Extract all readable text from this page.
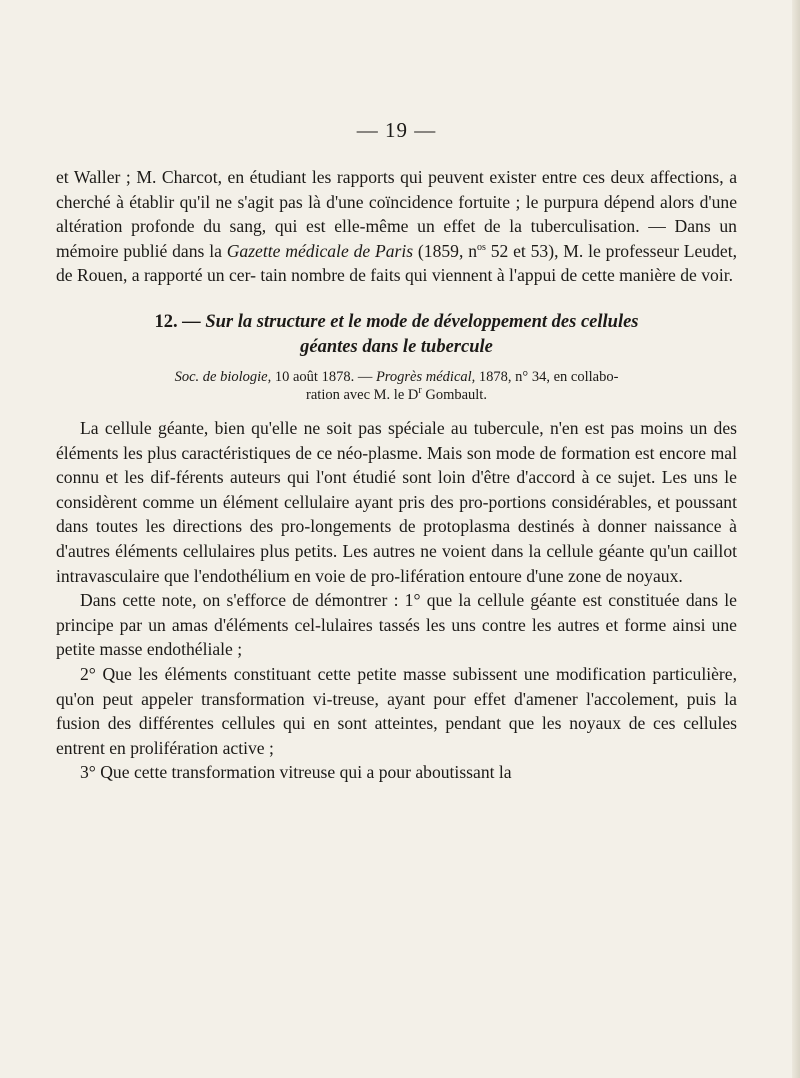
— 19 —

et Waller ; M. Charcot, en étudiant les rapports qui peuvent exister entre ces deux affections, a cherché à établir qu'il ne s'agit pas là d'une coïncidence fortuite ; le purpura dépend alors d'une altération profonde du sang, qui est elle-même un effet de la tuberculisation. — Dans un mémoire publié dans la Gazette médicale de Paris (1859, $n^{os}$ 52 et 53), M. le professeur Leudet, de Rouen, a rapporté un cer- tain nombre de faits qui viennent à l'appui de cette manière de voir.

12. — Sur la structure et le mode de développement des cellules
géantes dans le tubercule
Soc. de biologie, 10 août 1878. — Progrès médical, 1878, n° 34, en collabo-
ration avec M. le $D^r$ Gombault.

La cellule géante, bien qu'elle ne soit pas spéciale au tubercule, n'en est pas moins un des éléments les plus caractéristiques de ce néo-plasme. Mais son mode de formation est encore mal connu et les dif-férents auteurs qui l'ont étudié sont loin d'être d'accord à ce sujet. Les uns le considèrent comme un élément cellulaire ayant pris des pro-portions considérables, et poussant dans toutes les directions des pro-longements de protoplasma destinés à donner naissance à d'autres éléments cellulaires plus petits. Les autres ne voient dans la cellule géante qu'un caillot intravasculaire que l'endothélium en voie de pro-lifération entoure d'une zone de noyaux.

Dans cette note, on s'efforce de démontrer : 1° que la cellule géante est constituée dans le principe par un amas d'éléments cel-lulaires tassés les uns contre les autres et forme ainsi une petite masse endothéliale ;

2° Que les éléments constituant cette petite masse subissent une modification particulière, qu'on peut appeler transformation vi-treuse, ayant pour effet d'amener l'accolement, puis la fusion des différentes cellules qui en sont atteintes, pendant que les noyaux de ces cellules entrent en prolifération active ;

3° Que cette transformation vitreuse qui a pour aboutissant la
